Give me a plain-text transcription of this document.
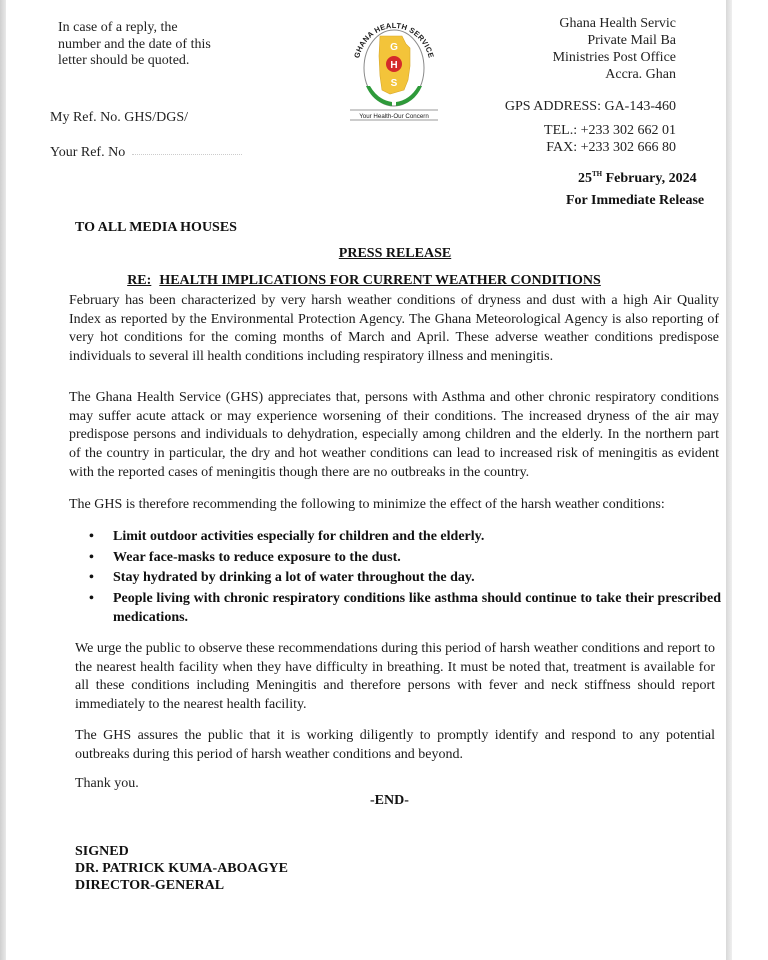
In case of a reply, the
number and the date of this
letter should be quoted.
My Ref. No. GHS/DGS/
Your Ref. No
GHANA HEALTH SERVICE
G
H
S
Your Health-Our Concern
Ghana Health Servic
Private Mail Ba
Ministries Post Office
Accra. Ghan
GPS ADDRESS: GA-143-460
TEL.: +233 302 662 01
FAX: +233 302 666 80
25TH February, 2024
For Immediate Release
TO ALL MEDIA HOUSES
PRESS RELEASE
RE: HEALTH IMPLICATIONS FOR CURRENT WEATHER CONDITIONS
February has been characterized by very harsh weather conditions of dryness and dust with a high Air Quality Index as reported by the Environmental Protection Agency. The Ghana Meteorological Agency is also reporting of very hot conditions for the coming months of March and April. These adverse weather conditions predispose individuals to several ill health conditions including respiratory illness and meningitis.
The Ghana Health Service (GHS) appreciates that, persons with Asthma and other chronic respiratory conditions may suffer acute attack or may experience worsening of their conditions. The increased dryness of the air may predispose persons and individuals to dehydration, especially among children and the elderly. In the northern part of the country in particular, the dry and hot weather conditions can lead to increased risk of meningitis as evident with the reported cases of meningitis though there are no outbreaks in the country.
The GHS is therefore recommending the following to minimize the effect of the harsh weather conditions:
• Limit outdoor activities especially for children and the elderly.
• Wear face-masks to reduce exposure to the dust.
• Stay hydrated by drinking a lot of water throughout the day.
• People living with chronic respiratory conditions like asthma should continue to take their prescribed medications.
We urge the public to observe these recommendations during this period of harsh weather conditions and report to the nearest health facility when they have difficulty in breathing. It must be noted that, treatment is available for all these conditions including Meningitis and therefore persons with fever and neck stiffness should report immediately to the nearest health facility.
The GHS assures the public that it is working diligently to promptly identify and respond to any potential outbreaks during this period of harsh weather conditions and beyond.
Thank you.
-END-
SIGNED
DR. PATRICK KUMA-ABOAGYE
DIRECTOR-GENERAL
